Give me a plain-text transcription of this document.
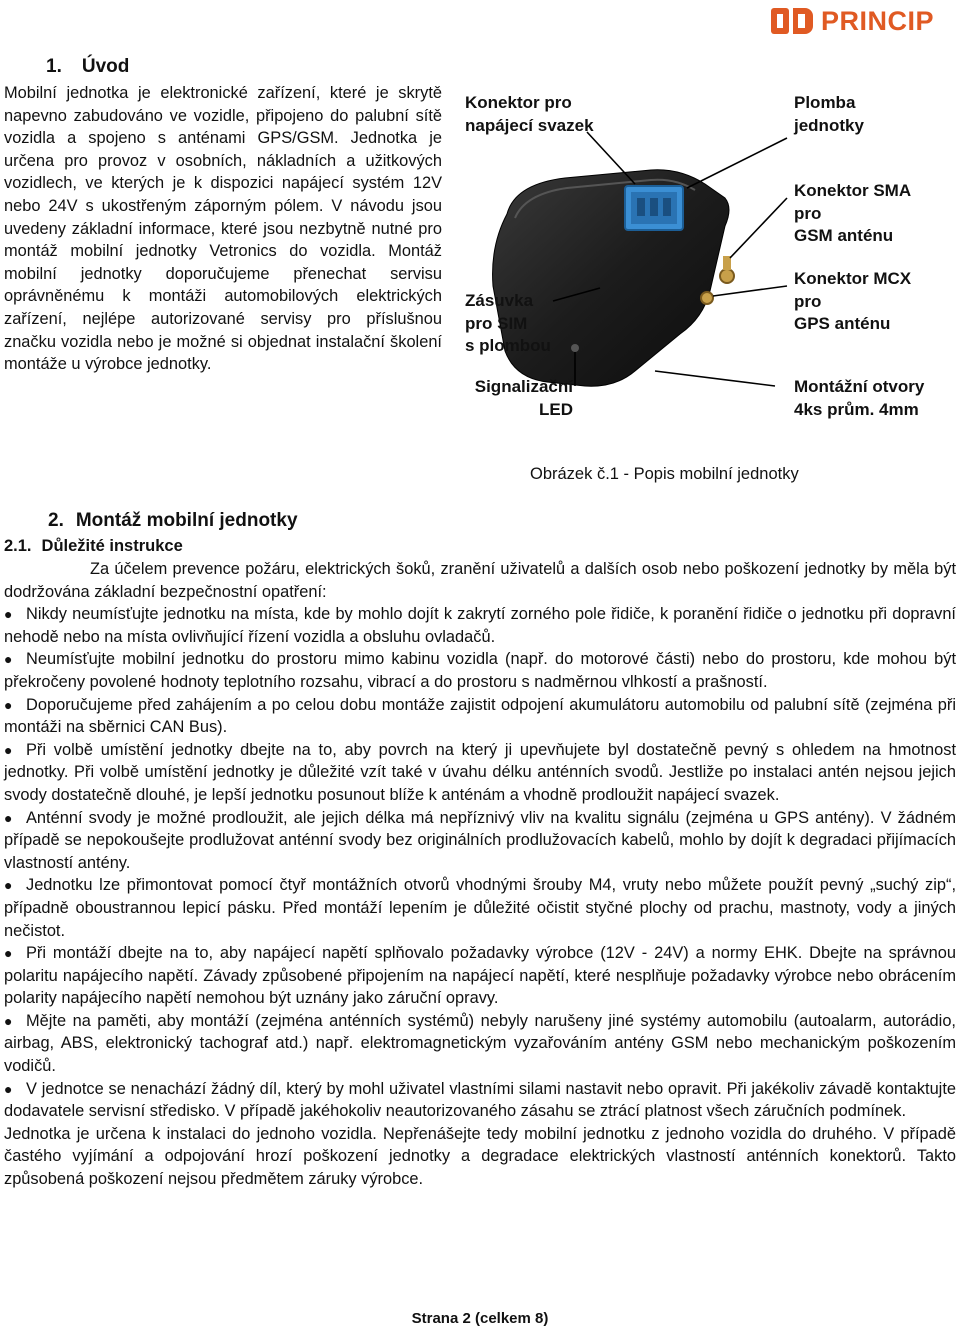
PRINCIP
1. Úvod

Mobilní jednotka je elektronické zařízení, které je skrytě napevno zabudováno ve vozidle, připojeno do palubní sítě vozidla a spojeno s anténami GPS/GSM. Jednotka je určena pro provoz v osobních, nákladních a užitkových vozidlech, ve kterých je k dispozici napájecí systém 12V nebo 24V s ukostřeným záporným pólem. V návodu jsou uvedeny základní informace, které jsou nezbytně nutné pro montáž mobilní jednotky Vetronics do vozidla. Montáž mobilní jednotky doporučujeme přenechat servisu oprávněnému k montáži automobilových elektrických zařízení, nejlépe autorizované servisy pro příslušnou značku vozidla nebo je možné si objednat instalační školení montáže u výrobce jednotky.

Konektor pro
napájecí svazek
Zásuvka
pro SIM
s plombou
Signalizační
LED
Plomba
jednotky
Konektor SMA
pro
GSM anténu
Konektor MCX
pro
GPS anténu
Montážní otvory
4ks prům. 4mm
Obrázek č.1 - Popis mobilní jednotky
2. Montáž mobilní jednotky
2.1. Důležité instrukce

Za účelem prevence požáru, elektrických šoků, zranění uživatelů a dalších osob nebo poškození jednotky by měla být dodržována základní bezpečnostní opatření:

● Nikdy neumísťujte jednotku na místa, kde by mohlo dojít k zakrytí zorného pole řidiče, k poranění řidiče o jednotku při dopravní nehodě nebo na místa ovlivňující řízení vozidla a obsluhu ovladačů.

● Neumísťujte mobilní jednotku do prostoru mimo kabinu vozidla (např. do motorové části) nebo do prostoru, kde mohou být překročeny povolené hodnoty teplotního rozsahu, vibrací a do prostoru s nadměrnou vlhkostí a prašností.

● Doporučujeme před zahájením a po celou dobu montáže zajistit odpojení akumulátoru automobilu od palubní sítě (zejména při montáži na sběrnici CAN Bus).

● Při volbě umístění jednotky dbejte na to, aby povrch na který ji upevňujete byl dostatečně pevný s ohledem na hmotnost jednotky. Při volbě umístění jednotky je důležité vzít také v úvahu délku anténních svodů. Jestliže po instalaci antén nejsou jejich svody dostatečně dlouhé, je lepší jednotku posunout blíže k anténám a vhodně prodloužit napájecí svazek.

● Anténní svody je možné prodloužit, ale jejich délka má nepříznivý vliv na kvalitu signálu (zejména u GPS antény). V žádném případě se nepokoušejte prodlužovat anténní svody bez originálních prodlužovacích kabelů, mohlo by dojít k degradaci přijímacích vlastností antény.

● Jednotku lze přimontovat pomocí čtyř montážních otvorů vhodnými šrouby M4, vruty nebo můžete použít pevný „suchý zip“, případně oboustrannou lepicí pásku. Před montáží lepením je důležité očistit styčné plochy od prachu, mastnoty, vody a jiných nečistot.

● Při montáží dbejte na to, aby napájecí napětí splňovalo požadavky výrobce (12V - 24V) a normy EHK. Dbejte na správnou polaritu napájecího napětí. Závady způsobené připojením na napájecí napětí, které nesplňuje požadavky výrobce nebo obrácením polarity napájecího napětí nemohou být uznány jako záruční opravy.

● Mějte na paměti, aby montáží (zejména anténních systémů) nebyly narušeny jiné systémy automobilu (autoalarm, autorádio, airbag, ABS, elektronický tachograf atd.) např. elektromagnetickým vyzařováním antény GSM nebo mechanickým poškozením vodičů.

● V jednotce se nenachází žádný díl, který by mohl uživatel vlastními silami nastavit nebo opravit. Při jakékoliv závadě kontaktujte dodavatele servisní středisko. V případě jakéhokoliv neautorizovaného zásahu se ztrácí platnost všech záručních podmínek.

Jednotka je určena k instalaci do jednoho vozidla. Nepřenášejte tedy mobilní jednotku z jednoho vozidla do druhého. V případě častého vyjímání a odpojování hrozí poškození jednotky a degradace elektrických vlastností anténních konektorů. Takto způsobená poškození nejsou předmětem záruky výrobce.

Strana 2 (celkem 8)
